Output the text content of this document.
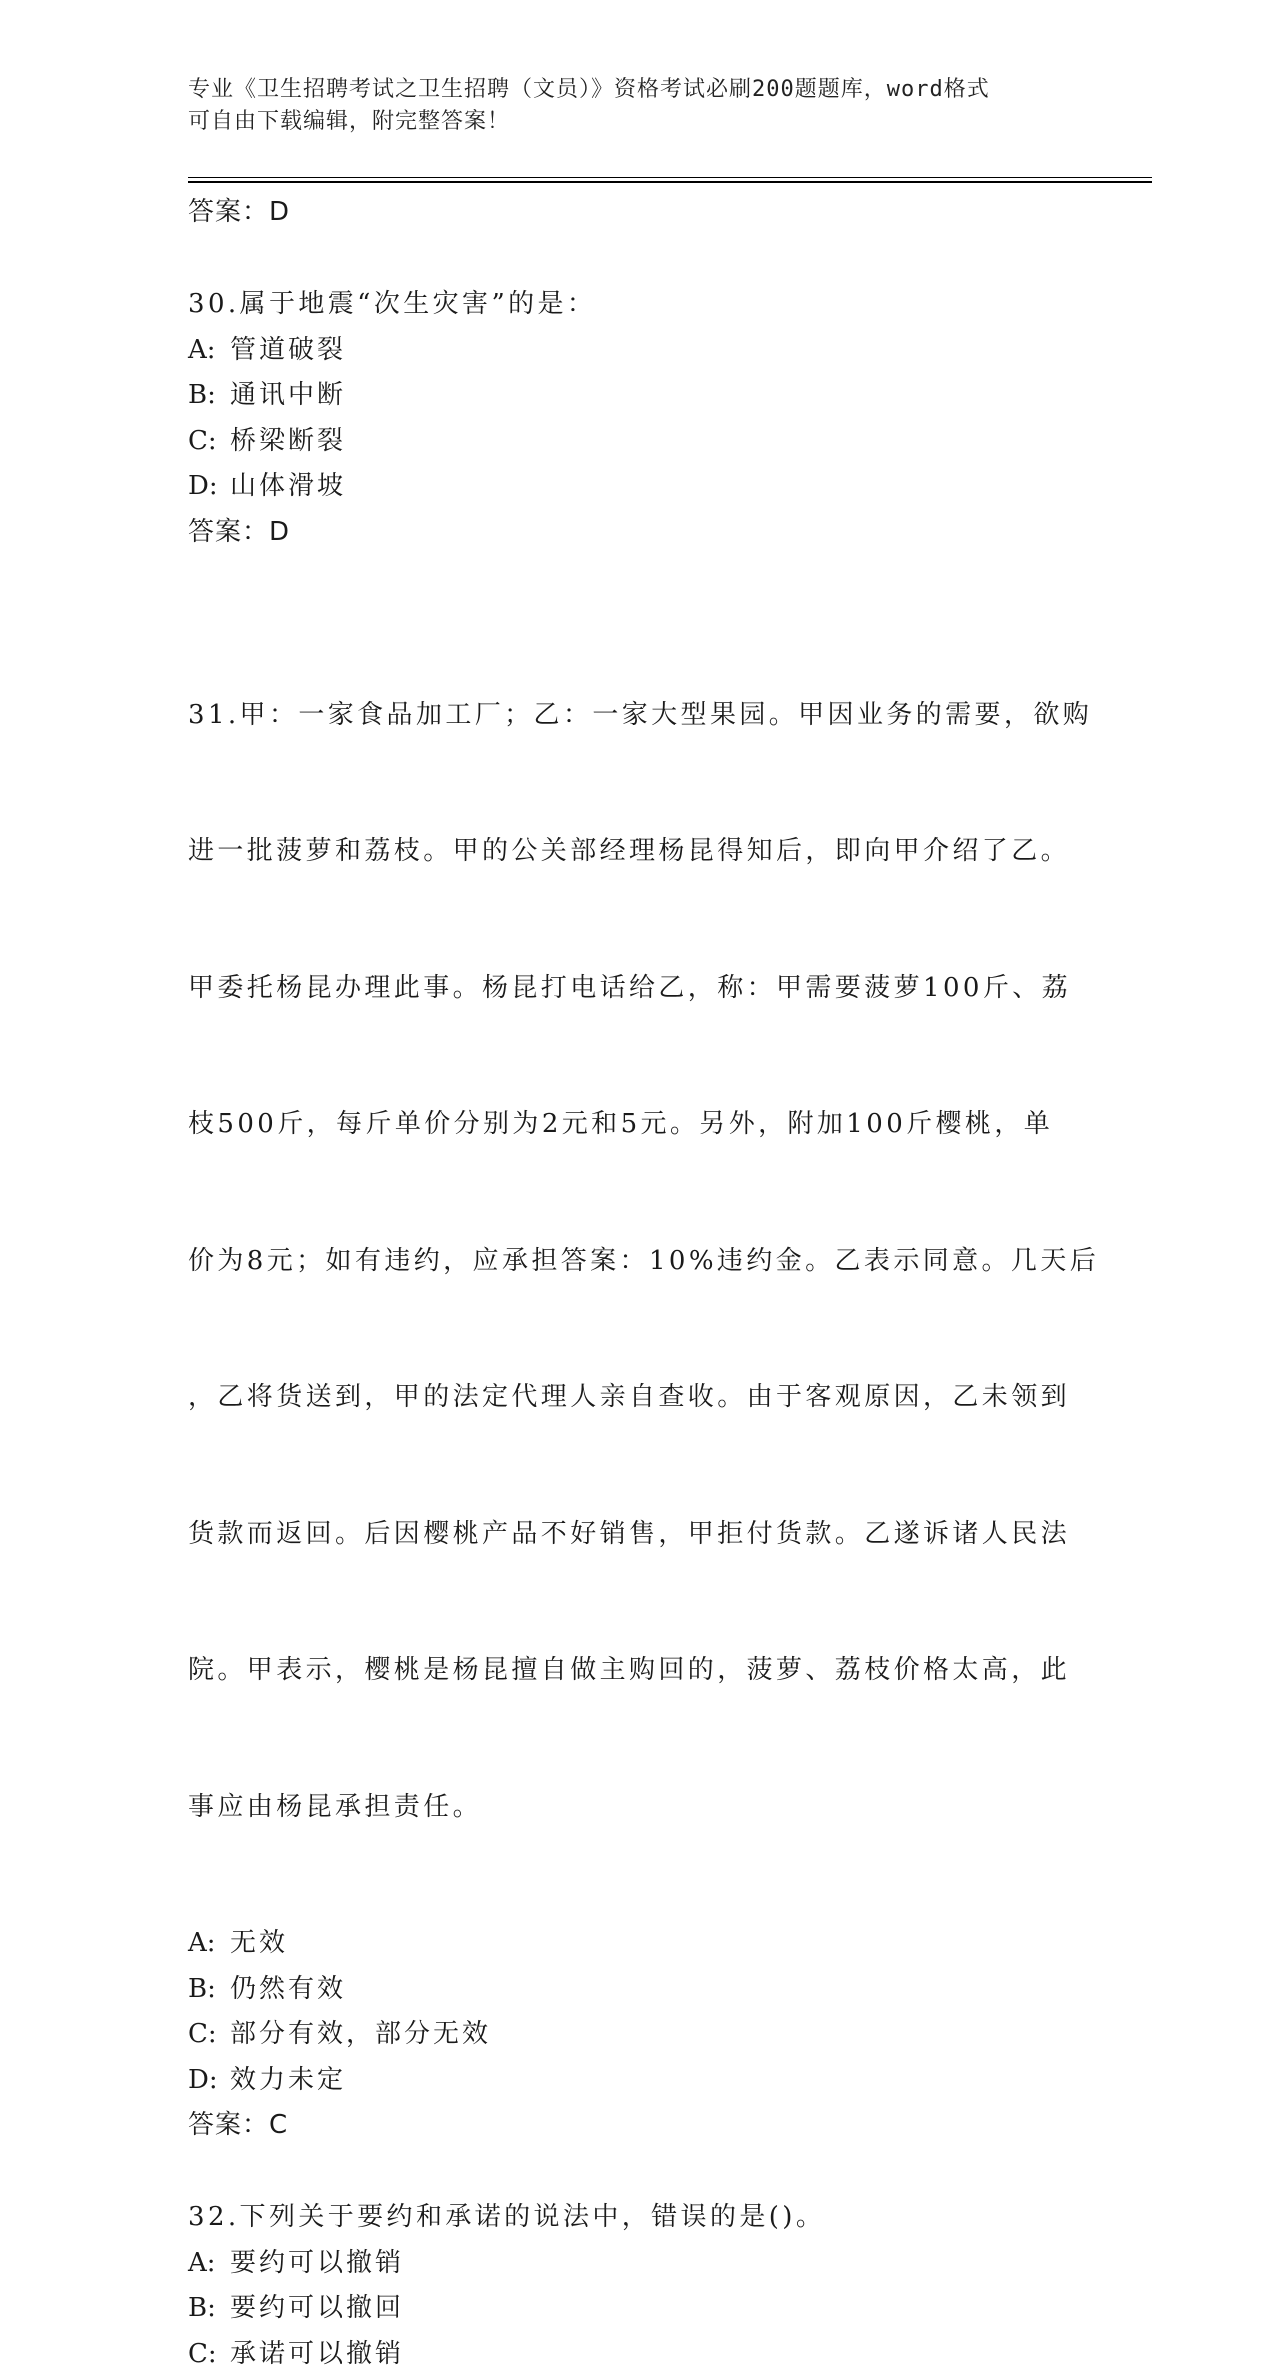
专业《卫生招聘考试之卫生招聘（文员）》资格考试必刷200题题库，word格式
可自由下载编辑，附完整答案！
答案：D
30.属于地震“次生灾害”的是：
A: 管道破裂
B: 通讯中断
C: 桥梁断裂
D: 山体滑坡
答案：D

31.甲：一家食品加工厂；乙：一家大型果园。甲因业务的需要，欲购

进一批菠萝和荔枝。甲的公关部经理杨昆得知后，即向甲介绍了乙。

甲委托杨昆办理此事。杨昆打电话给乙，称：甲需要菠萝100斤、荔

枝500斤，每斤单价分别为2元和5元。另外，附加100斤樱桃，单

价为8元；如有违约，应承担答案：10%违约金。乙表示同意。几天后

，乙将货送到，甲的法定代理人亲自查收。由于客观原因，乙未领到

货款而返回。后因樱桃产品不好销售，甲拒付货款。乙遂诉诸人民法

院。甲表示，樱桃是杨昆擅自做主购回的，菠萝、荔枝价格太高，此

事应由杨昆承担责任。

A: 无效
B: 仍然有效
C: 部分有效，部分无效
D: 效力未定
答案：C
32.下列关于要约和承诺的说法中，错误的是()。
A: 要约可以撤销
B: 要约可以撤回
C: 承诺可以撤销
